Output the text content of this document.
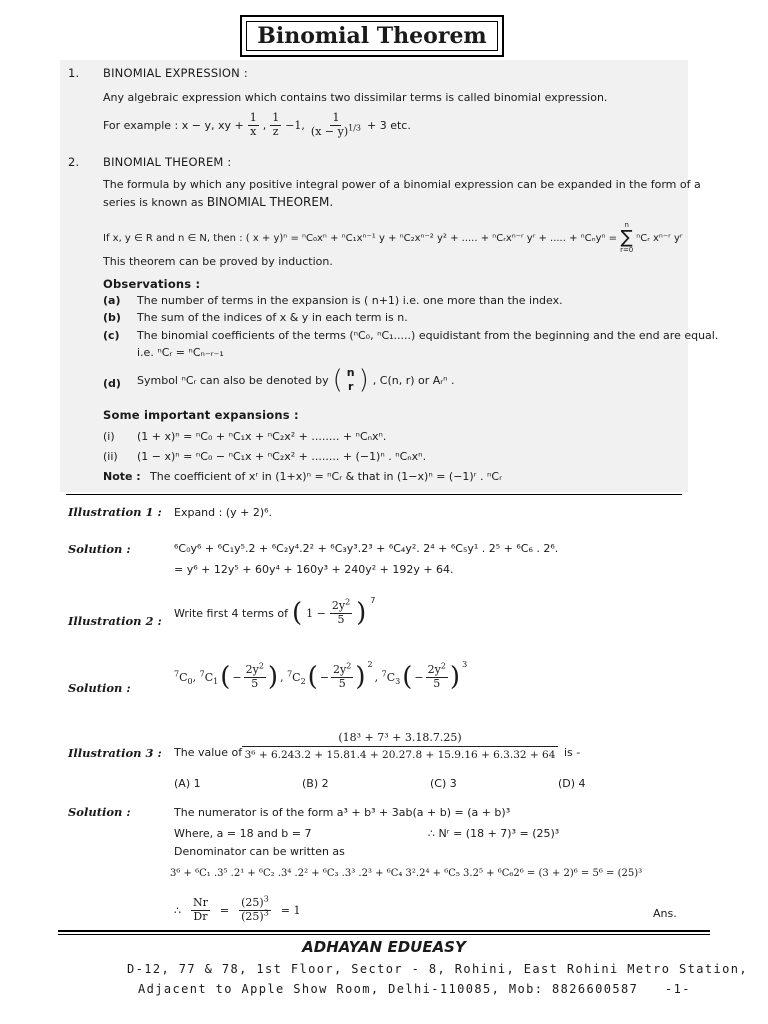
Binomial Theorem
1. BINOMIAL EXPRESSION :
Any algebraic expression which contains two dissimilar terms is called binomial expression.
For example : x − y, xy + $\frac{1}{x}$ , $\frac{1}{z} -1$, $\frac{1}{(x - y)^{1/3}} + 3$ etc.
2. BINOMIAL THEOREM :
The formula by which any positive integral power of a binomial expression can be expanded in the form of a
series is known as BINOMIAL THEOREM.
If x, y ∈ R and n ∈ N, then : ( x + y)ⁿ = ⁿC₀xⁿ + ⁿC₁xⁿ⁻¹ y + ⁿC₂xⁿ⁻² y² + ..... + ⁿCᵣxⁿ⁻ʳ yʳ + ..... + ⁿCₙyⁿ =
n
∑
r=0
ⁿCᵣ xⁿ⁻ʳ yʳ
This theorem can be proved by induction.
Observations :
(a) The number of terms in the expansion is ( n+1) i.e. one more than the index.
(b) The sum of the indices of x & y in each term is n.
(c) The binomial coefficients of the terms (ⁿC₀, ⁿC₁.....) equidistant from the beginning and the end are equal.
i.e. ⁿCᵣ = ⁿCₙ₋ᵣ₋₁
(d) Symbol ⁿCᵣ can also be denoted by ( n
r ) , C(n, r) or Aᵣⁿ .
Some important expansions :
(i) (1 + x)ⁿ = ⁿC₀ + ⁿC₁x + ⁿC₂x² + ........ + ⁿCₙxⁿ.
(ii) (1 − x)ⁿ = ⁿC₀ − ⁿC₁x + ⁿC₂x² + ........ + (−1)ⁿ . ⁿCₙxⁿ.
Note : The coefficient of xʳ in (1+x)ⁿ = ⁿCᵣ & that in (1−x)ⁿ = (−1)ʳ . ⁿCᵣ
Illustration 1 : Expand : (y + 2)⁶.
Solution :	⁶C₀y⁶ + ⁶C₁y⁵.2 + ⁶C₂y⁴.2² + ⁶C₃y³.2³ + ⁶C₄y². 2⁴ + ⁶C₅y¹ . 2⁵ + ⁶C₆ . 2⁶.
= y⁶ + 12y⁵ + 60y⁴ + 160y³ + 240y² + 192y + 64.
Illustration 2 :
Write first 4 terms of ( $1 - \frac{2y^2}{5}$ ) $^7$
Solution :
$^7C_0$, $^7C_1$ ( − $\frac{2y^2}{5}$ ) , $^7C_2$ ( − $\frac{2y^2}{5}$ ) $^2$
, $^7C_3$ ( − $\frac{2y^2}{5}$ ) $^3$
Illustration 3 : The value of $\frac{\text{(18³ + 7³ + 3.18.7.25)}}{\text{3⁶ + 6.243.2 + 15.81.4 + 20.27.8 + 15.9.16 + 6.3.32 + 64}}$ is -
(A) 1	(B) 2	(C) 3	(D) 4
Solution :	The numerator is of the form a³ + b³ + 3ab(a + b) = (a + b)³
Where, a = 18 and b = 7	∴ Nʳ = (18 + 7)³ = (25)³
Denominator can be written as
3⁶ + ⁶C₁ .3⁵ .2¹ + ⁶C₂ .3⁴ .2² + ⁶C₃ .3³ .2³ + ⁶C₄ 3².2⁴ + ⁶C₅ 3.2⁵ + ⁶C₆2⁶ = (3 + 2)⁶ = 5⁶ = (25)³
∴ $\frac{Nr}{Dr} = \frac{(25)^3}{(25)^3} = 1$	Ans.
ADHAYAN EDUEASY
D-12, 77 & 78, 1st Floor, Sector - 8, Rohini, East Rohini Metro Station,
Adjacent to Apple Show Room, Delhi-110085, Mob: 8826600587 -1-
